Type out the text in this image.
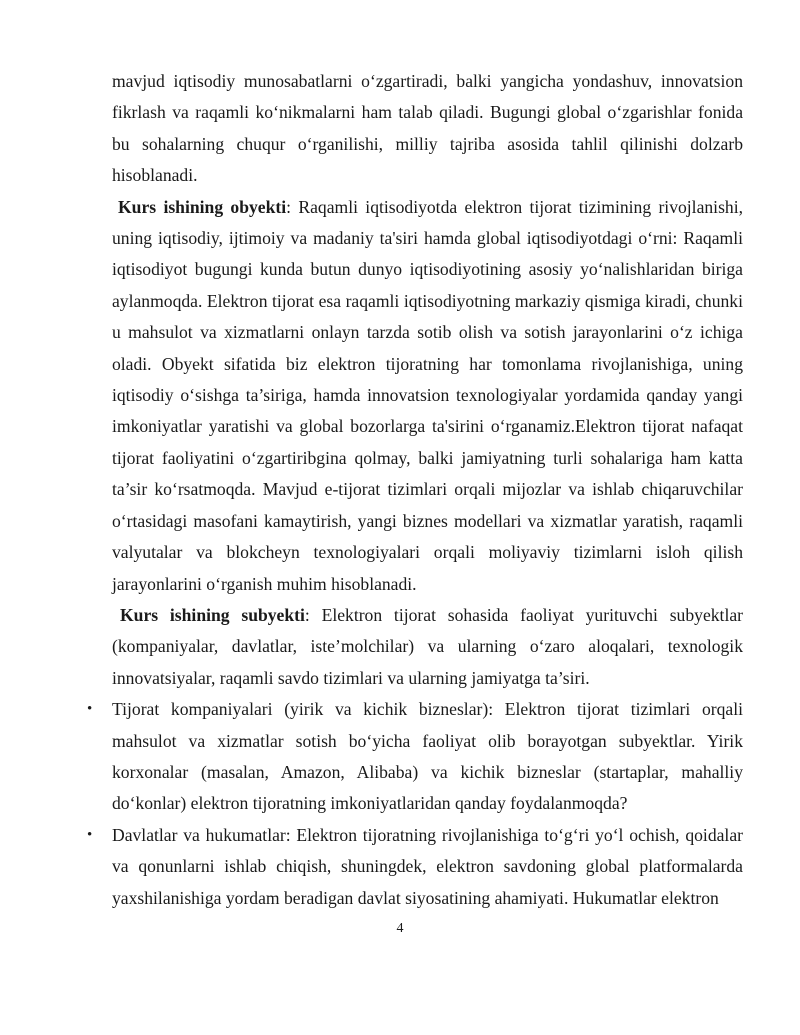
mavjud iqtisodiy munosabatlarni o‘zgartiradi, balki yangicha yondashuv, innovatsion fikrlash va raqamli ko‘nikmalarni ham talab qiladi. Bugungi global o‘zgarishlar fonida bu sohalarning chuqur o‘rganilishi, milliy tajriba asosida tahlil qilinishi dolzarb hisoblanadi.

Kurs ishining obyekti: Raqamli iqtisodiyotda elektron tijorat tizimining rivojlanishi, uning iqtisodiy, ijtimoiy va madaniy ta'siri hamda global iqtisodiyotdagi o‘rni: Raqamli iqtisodiyot bugungi kunda butun dunyo iqtisodiyotining asosiy yo‘nalishlaridan biriga aylanmoqda. Elektron tijorat esa raqamli iqtisodiyotning markaziy qismiga kiradi, chunki u mahsulot va xizmatlarni onlayn tarzda sotib olish va sotish jarayonlarini o‘z ichiga oladi. Obyekt sifatida biz elektron tijoratning har tomonlama rivojlanishiga, uning iqtisodiy o‘sishga ta’siriga, hamda innovatsion texnologiyalar yordamida qanday yangi imkoniyatlar yaratishi va global bozorlarga ta'sirini o‘rganamiz.Elektron tijorat nafaqat tijorat faoliyatini o‘zgartiribgina qolmay, balki jamiyatning turli sohalariga ham katta ta’sir ko‘rsatmoqda. Mavjud e-tijorat tizimlari orqali mijozlar va ishlab chiqaruvchilar o‘rtasidagi masofani kamaytirish, yangi biznes modellari va xizmatlar yaratish, raqamli valyutalar va blokcheyn texnologiyalari orqali moliyaviy tizimlarni isloh qilish jarayonlarini o‘rganish muhim hisoblanadi.

Kurs ishining subyekti: Elektron tijorat sohasida faoliyat yurituvchi subyektlar (kompaniyalar, davlatlar, iste’molchilar) va ularning o‘zaro aloqalari, texnologik innovatsiyalar, raqamli savdo tizimlari va ularning jamiyatga ta’siri.

• Tijorat kompaniyalari (yirik va kichik bizneslar): Elektron tijorat tizimlari orqali mahsulot va xizmatlar sotish bo‘yicha faoliyat olib borayotgan subyektlar. Yirik korxonalar (masalan, Amazon, Alibaba) va kichik bizneslar (startaplar, mahalliy do‘konlar) elektron tijoratning imkoniyatlaridan qanday foydalanmoqda?
• Davlatlar va hukumatlar: Elektron tijoratning rivojlanishiga to‘g‘ri yo‘l ochish, qoidalar va qonunlarni ishlab chiqish, shuningdek, elektron savdoning global platformalarda yaxshilanishiga yordam beradigan davlat siyosatining ahamiyati. Hukumatlar elektron
4
